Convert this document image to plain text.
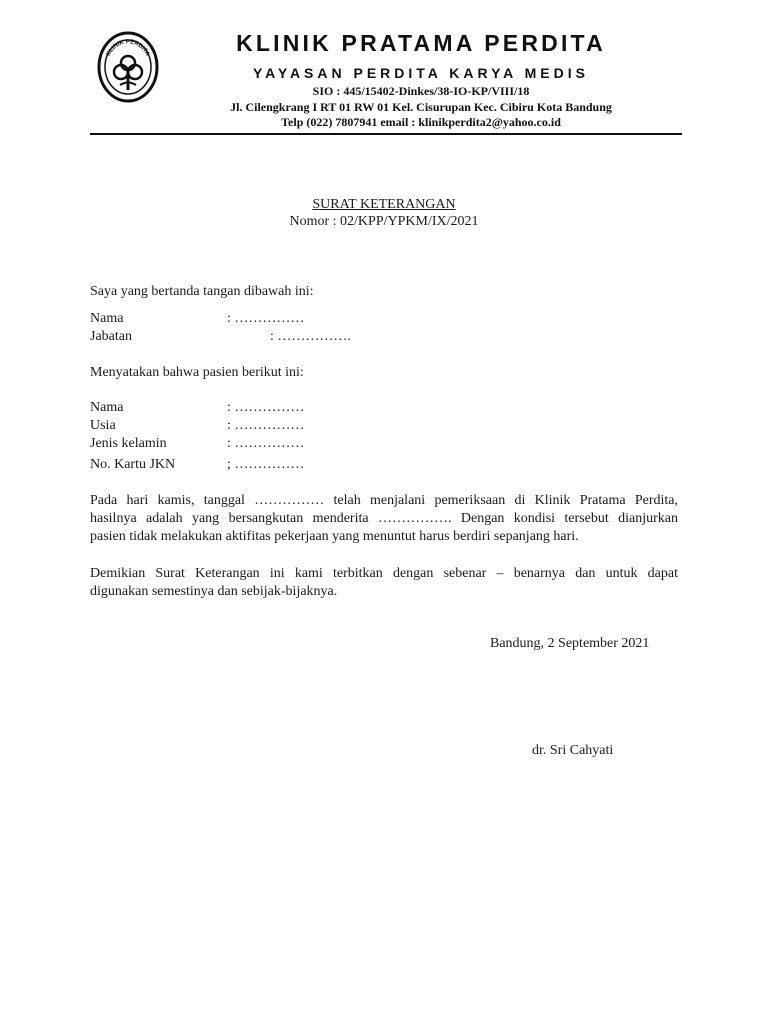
KLINIK PERDITA	KLINIK PRATAMA PERDITA
YAYASAN PERDITA KARYA MEDIS
SIO : 445/15402-Dinkes/38-IO-KP/VIII/18
Jl. Cilengkrang I RT 01 RW 01 Kel. Cisurupan Kec. Cibiru Kota Bandung
Telp (022) 7807941 email : klinikperdita2@yahoo.co.id
SURAT KETERANGAN
Nomor : 02/KPP/YPKM/IX/2021
Saya yang bertanda tangan dibawah ini:
Nama	: ……………
Jabatan	: …………….
Menyatakan bahwa pasien berikut ini:
Nama	: ……………
Usia	: ……………
Jenis kelamin	: ……………
No. Kartu JKN	; ……………
Pada hari kamis, tanggal …………… telah menjalani pemeriksaan di Klinik Pratama Perdita,
hasilnya adalah yang bersangkutan menderita ……………. Dengan kondisi tersebut dianjurkan
pasien tidak melakukan aktifitas pekerjaan yang menuntut harus berdiri sepanjang hari.
Demikian Surat Keterangan ini kami terbitkan dengan sebenar – benarnya dan untuk dapat
digunakan semestinya dan sebijak-bijaknya.
Bandung, 2 September 2021
dr. Sri Cahyati
